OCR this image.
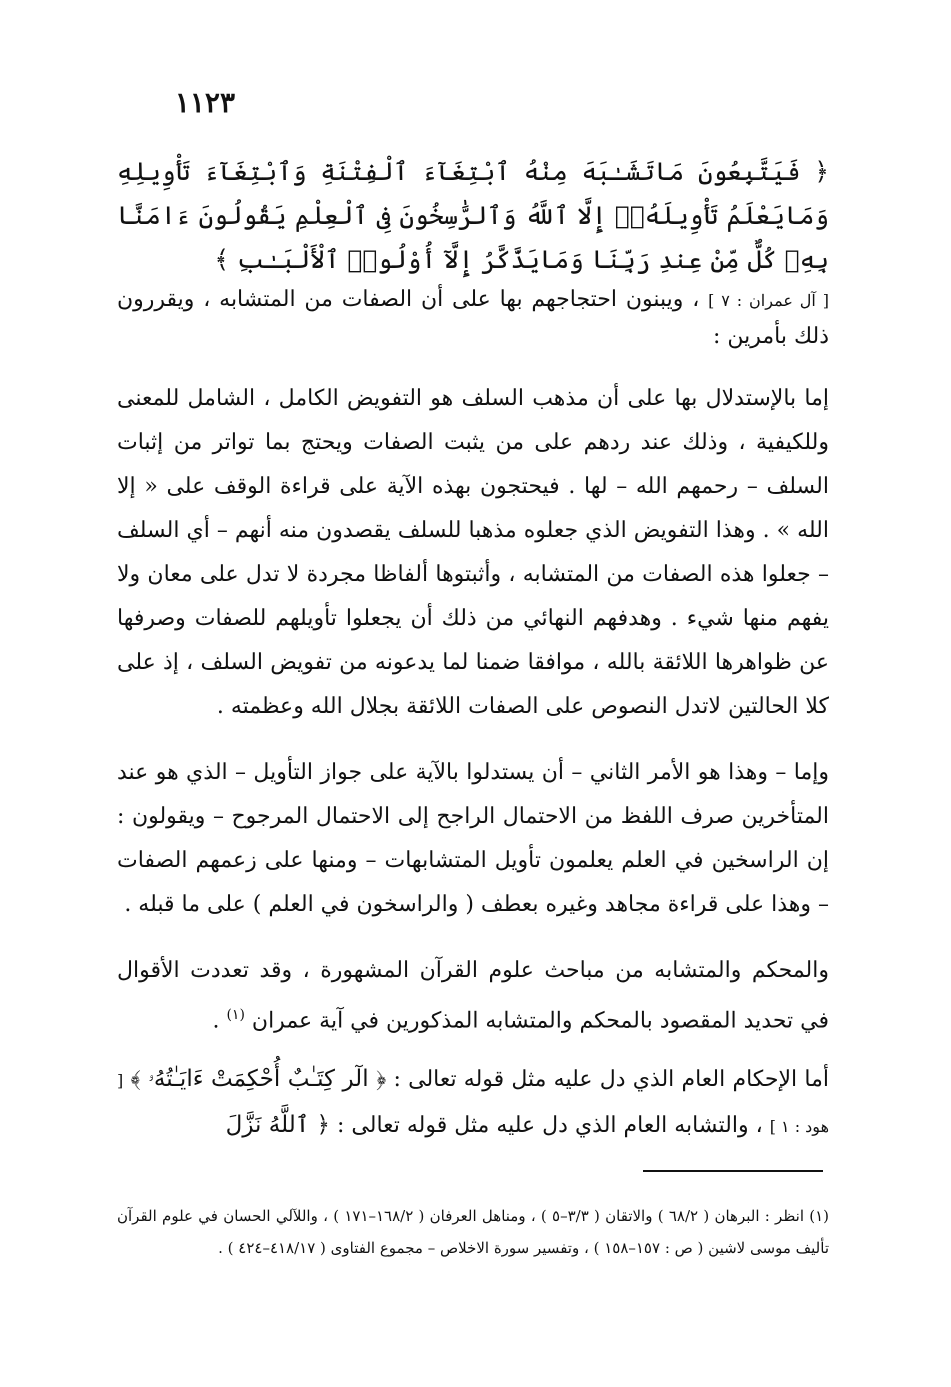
١١٢٣

﴿ فَيَتَّبِعُونَ مَاتَشَـٰبَهَ مِنْهُ ٱبْتِغَآءَ ٱلْفِتْنَةِ وَٱبْتِغَآءَ تَأْوِيلِهِ وَمَايَعْلَمُ تَأْوِيلَهُۥٓ إِلَّا ٱللَّهُ وَٱلرَّٰسِخُونَ فِى ٱلْعِلْمِ يَقُولُونَ ءَامَنَّا بِهِۦ كُلٌّ مِّنْ عِندِ رَبِّنَا وَمَايَذَّكَّرُ إِلَّآ أُوْلُوا۟ ٱلْأَلْبَـٰبِ ﴾

[ آل عمران : ٧ ] ، ويبنون احتجاجهم بها على أن الصفات من المتشابه ، ويقررون ذلك بأمرين :

إما بالإستدلال بها على أن مذهب السلف هو التفويض الكامل ، الشامل للمعنى وللكيفية ، وذلك عند ردهم على من يثبت الصفات ويحتج بما تواتر من إثبات السلف – رحمهم الله – لها . فيحتجون بهذه الآية على قراءة الوقف على « إلا الله » . وهذا التفويض الذي جعلوه مذهبا للسلف يقصدون منه أنهم – أي السلف – جعلوا هذه الصفات من المتشابه ، وأثبتوها ألفاظا مجردة لا تدل على معان ولا يفهم منها شيء . وهدفهم النهائي من ذلك أن يجعلوا تأويلهم للصفات وصرفها عن ظواهرها اللائقة بالله ، موافقا ضمنا لما يدعونه من تفويض السلف ، إذ على كلا الحالتين لاتدل النصوص على الصفات اللائقة بجلال الله وعظمته .

وإما – وهذا هو الأمر الثاني – أن يستدلوا بالآية على جواز التأويل – الذي هو عند المتأخرين صرف اللفظ من الاحتمال الراجح إلى الاحتمال المرجوح – ويقولون : إن الراسخين في العلم يعلمون تأويل المتشابهات – ومنها على زعمهم الصفات – وهذا على قراءة مجاهد وغيره بعطف ( والراسخون في العلم ) على ما قبله .

والمحكم والمتشابه من مباحث علوم القرآن المشهورة ، وقد تعددت الأقوال في تحديد المقصود بالمحكم والمتشابه المذكورين في آية عمران $^{(١)}$ .

أما الإحكام العام الذي دل عليه مثل قوله تعالى : ﴿ الٓر كِتَـٰبٌ أُحْكِمَتْ ءَايَـٰتُهُۥ ﴾ [ هود : ١ ] ، والتشابه العام الذي دل عليه مثل قوله تعالى : ﴿ ٱللَّهُ نَزَّلَ

(١) انظر : البرهان ( ٦٨/٢ ) والاتقان ( ٣/٣–٥ ) ، ومناهل العرفان ( ١٦٨/٢–١٧١ ) ، واللآلي الحسان في علوم القرآن تأليف موسى لاشين ( ص : ١٥٧–١٥٨ ) ، وتفسير سورة الاخلاص – مجموع الفتاوى ( ٤١٨/١٧–٤٢٤ ) .
